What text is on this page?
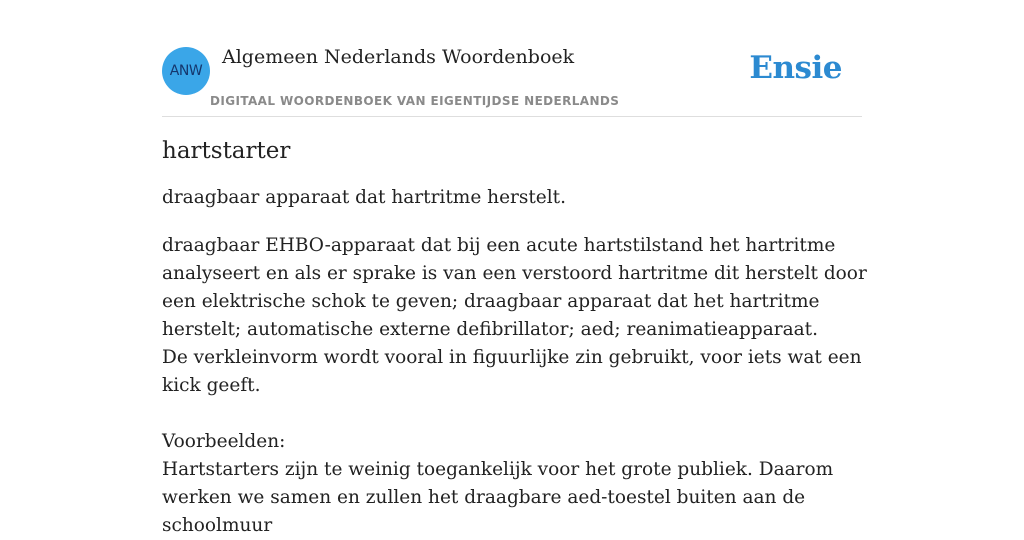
ANW
Algemeen Nederlands Woordenboek
DIGITAAL WOORDENBOEK VAN EIGENTIJDSE NEDERLANDS
Ensie
hartstarter

draagbaar apparaat dat hartritme herstelt.

draagbaar EHBO-apparaat dat bij een acute hartstilstand het hartritme analyseert en als er sprake is van een verstoord hartritme dit herstelt door een elektrische schok te geven; draagbaar apparaat dat het hartritme herstelt; automatische externe defibrillator; aed; reanimatieapparaat.

De verkleinvorm wordt vooral in figuurlijke zin gebruikt, voor iets wat een kick geeft.

Voorbeelden:

Hartstarters zijn te weinig toegankelijk voor het grote publiek. Daarom werken we samen en zullen het draagbare aed-toestel buiten aan de schoolmuur
